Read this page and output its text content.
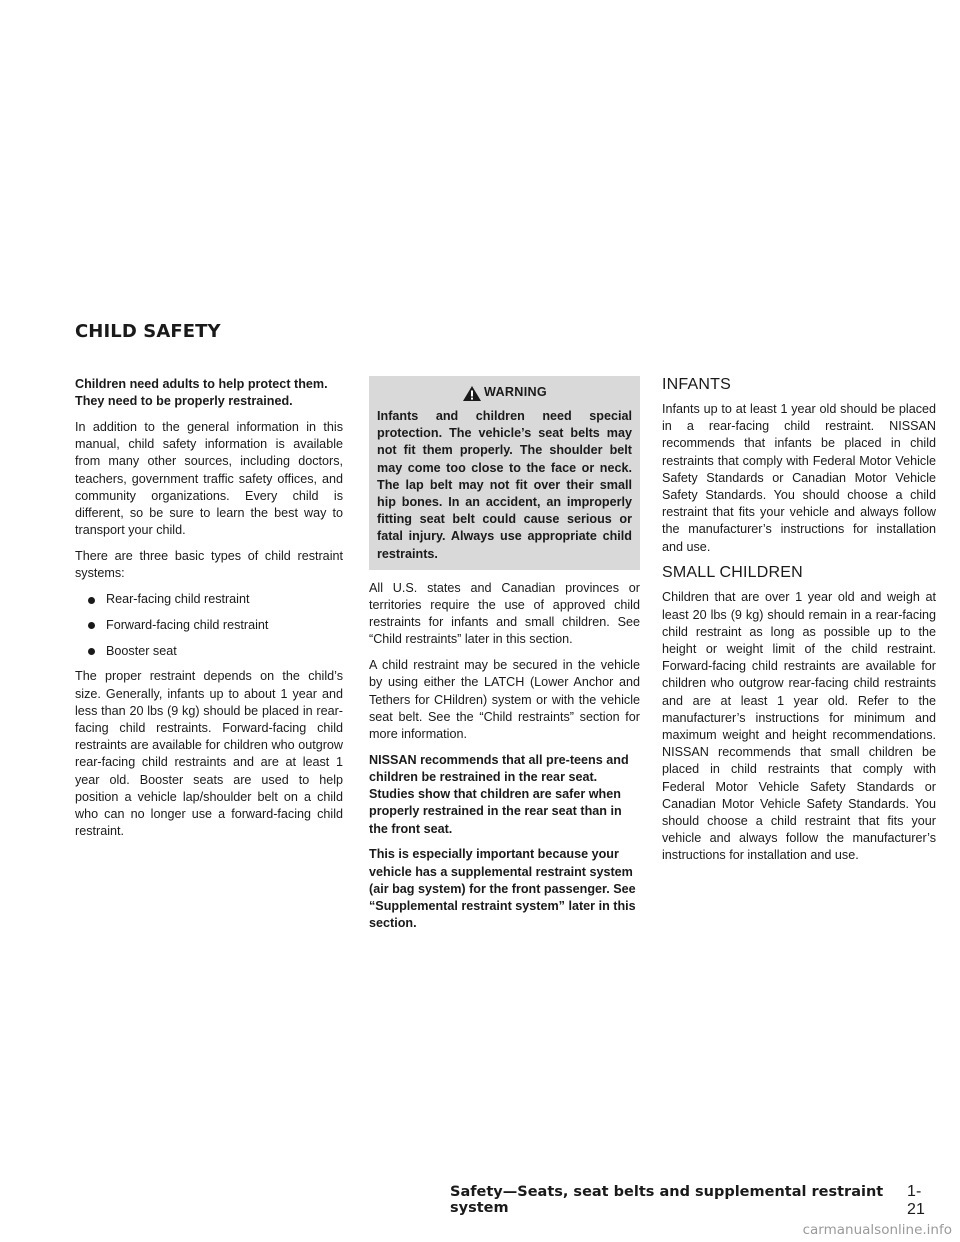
CHILD SAFETY

Children need adults to help protect them. They need to be properly restrained.

In addition to the general information in this manual, child safety information is available from many other sources, including doctors, teachers, government traffic safety offices, and community organizations. Every child is different, so be sure to learn the best way to transport your child.

There are three basic types of child restraint systems:

Rear-facing child restraint
Forward-facing child restraint
Booster seat

The proper restraint depends on the child’s size. Generally, infants up to about 1 year and less than 20 lbs (9 kg) should be placed in rear-facing child restraints. Forward-facing child restraints are available for children who outgrow rear-facing child restraints and are at least 1 year old. Booster seats are used to help position a vehicle lap/shoulder belt on a child who can no longer use a forward-facing child restraint.

WARNING
Infants and children need special protection. The vehicle’s seat belts may not fit them properly. The shoulder belt may come too close to the face or neck. The lap belt may not fit over their small hip bones. In an accident, an improperly fitting seat belt could cause serious or fatal injury. Always use appropriate child restraints.

All U.S. states and Canadian provinces or territories require the use of approved child restraints for infants and small children. See “Child restraints” later in this section.

A child restraint may be secured in the vehicle by using either the LATCH (Lower Anchor and Tethers for CHildren) system or with the vehicle seat belt. See the “Child restraints” section for more information.

NISSAN recommends that all pre-teens and children be restrained in the rear seat. Studies show that children are safer when properly restrained in the rear seat than in the front seat.

This is especially important because your vehicle has a supplemental restraint system (air bag system) for the front passenger. See “Supplemental restraint system” later in this section.

INFANTS

Infants up to at least 1 year old should be placed in a rear-facing child restraint. NISSAN recommends that infants be placed in child restraints that comply with Federal Motor Vehicle Safety Standards or Canadian Motor Vehicle Safety Standards. You should choose a child restraint that fits your vehicle and always follow the manufacturer’s instructions for installation and use.

SMALL CHILDREN

Children that are over 1 year old and weigh at least 20 lbs (9 kg) should remain in a rear-facing child restraint as long as possible up to the height or weight limit of the child restraint. Forward-facing child restraints are available for children who outgrow rear-facing child restraints and are at least 1 year old. Refer to the manufacturer’s instructions for minimum and maximum weight and height recommendations. NISSAN recommends that small children be placed in child restraints that comply with Federal Motor Vehicle Safety Standards or Canadian Motor Vehicle Safety Standards. You should choose a child restraint that fits your vehicle and always follow the manufacturer’s instructions for installation and use.

Safety—Seats, seat belts and supplemental restraint system
1-21
carmanualsonline.info
